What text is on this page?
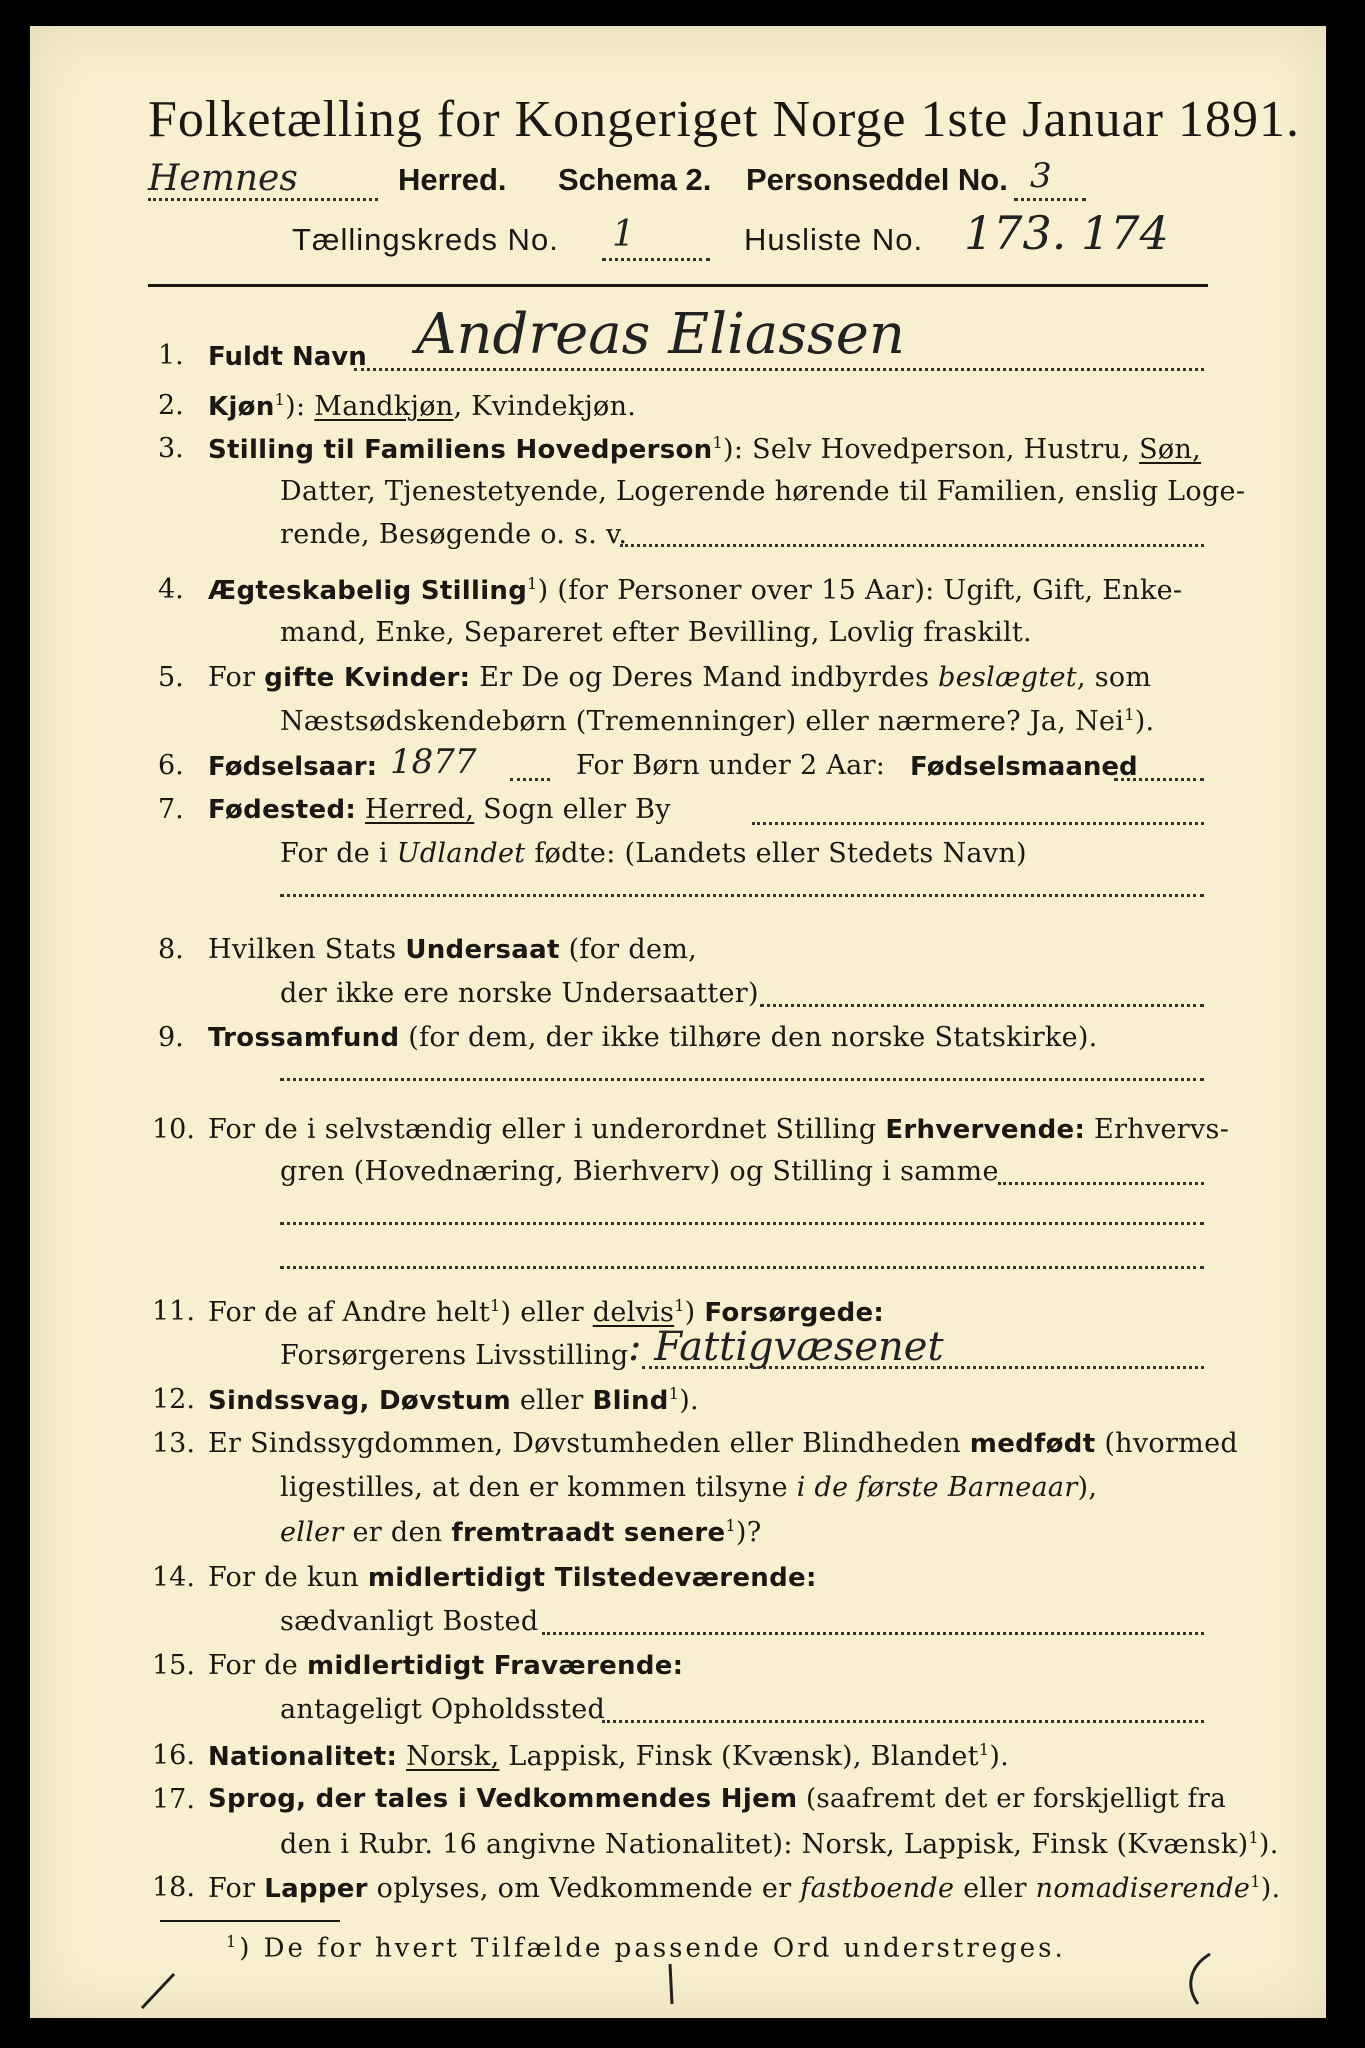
Folketælling for Kongeriget Norge 1ste Januar 1891.
Hemnes	Herred. Schema 2. Personseddel No. 3
Tællingskreds No. 1	Husliste No. 173. 174
1. Fuldt Navn Andreas Eliassen
2. Kjøn$^1$): Mandkjøn, Kvindekjøn.
3. Stilling til Familiens Hovedperson$^1$): Selv Hovedperson, Hustru, Søn,
Datter, Tjenestetyende, Logerende hørende til Familien, enslig Loge-
rende, Besøgende o. s. v.
4. Ægteskabelig Stilling$^1$) (for Personer over 15 Aar): Ugift, Gift, Enke-
mand, Enke, Separeret efter Bevilling, Lovlig fraskilt.
5. For gifte Kvinder: Er De og Deres Mand indbyrdes beslægtet, som
Næstsødskendebørn (Tremenninger) eller nærmere? Ja, Nei$^1$).
6. Fødselsaar: 1877	For Børn under 2 Aar: Fødselsmaaned
7. Fødested: Herred, Sogn eller By
For de i Udlandet fødte: (Landets eller Stedets Navn)
8. Hvilken Stats Undersaat (for dem,
der ikke ere norske Undersaatter)
9. Trossamfund (for dem, der ikke tilhøre den norske Statskirke).
10. For de i selvstændig eller i underordnet Stilling Erhvervende: Erhvervs-
gren (Hovednæring, Bierhverv) og Stilling i samme
11. For de af Andre helt$^1$) eller delvis$^1$) Forsørgede:
Forsørgerens Livsstilling : Fattigvæsenet
12. Sindssvag, Døvstum eller Blind$^1$).
13. Er Sindssygdommen, Døvstumheden eller Blindheden medfødt (hvormed
ligestilles, at den er kommen tilsyne i de første Barneaar),
eller er den fremtraadt senere$^1$)?
14. For de kun midlertidigt Tilstedeværende:
sædvanligt Bosted
15. For de midlertidigt Fraværende:
antageligt Opholdssted
16. Nationalitet: Norsk, Lappisk, Finsk (Kvænsk), Blandet$^1$).
17. Sprog, der tales i Vedkommendes Hjem (saafremt det er forskjelligt fra
den i Rubr. 16 angivne Nationalitet): Norsk, Lappisk, Finsk (Kvænsk)$^1$).
18. For Lapper oplyses, om Vedkommende er fastboende eller nomadiserende$^1$).
$^1$) De for hvert Tilfælde passende Ord understreges.
